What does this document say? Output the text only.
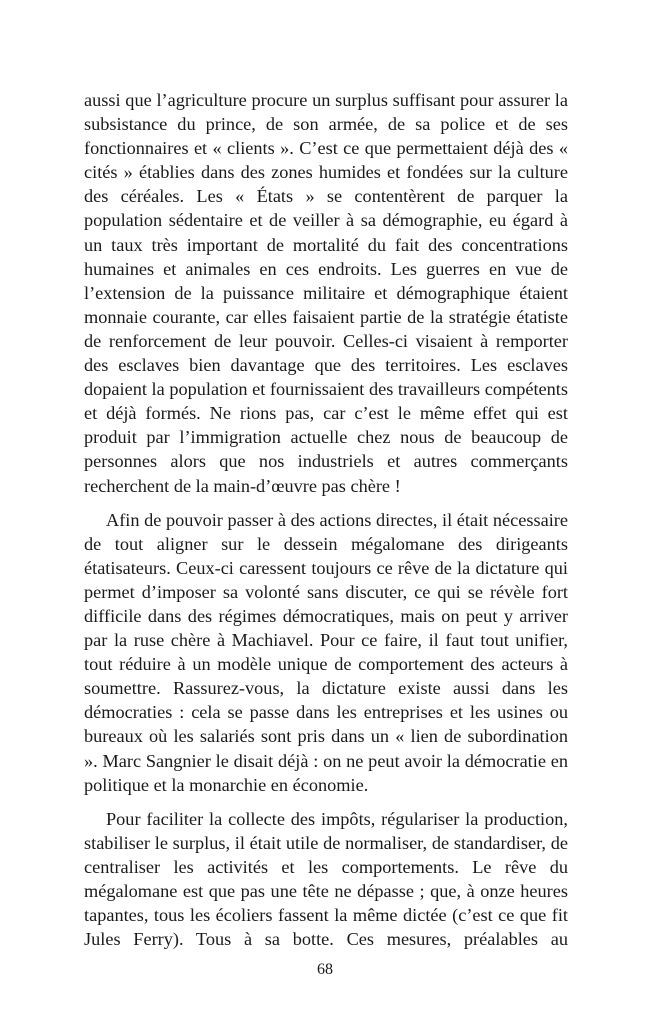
aussi que l’agriculture procure un surplus suffisant pour assurer la subsistance du prince, de son armée, de sa police et de ses fonctionnaires et « clients ». C’est ce que permettaient déjà des « cités » établies dans des zones humides et fondées sur la culture des céréales. Les « États » se contentèrent de parquer la population sédentaire et de veiller à sa démographie, eu égard à un taux très important de mortalité du fait des concentrations humaines et animales en ces endroits. Les guerres en vue de l’extension de la puissance militaire et démographique étaient monnaie courante, car elles faisaient partie de la stratégie étatiste de renforcement de leur pouvoir. Celles-ci visaient à remporter des esclaves bien davantage que des territoires. Les esclaves dopaient la population et fournissaient des travailleurs compétents et déjà formés. Ne rions pas, car c’est le même effet qui est produit par l’immigration actuelle chez nous de beaucoup de personnes alors que nos industriels et autres commerçants recherchent de la main-d’œuvre pas chère !

Afin de pouvoir passer à des actions directes, il était nécessaire de tout aligner sur le dessein mégalomane des dirigeants étatisateurs. Ceux-ci caressent toujours ce rêve de la dictature qui permet d’imposer sa volonté sans discuter, ce qui se révèle fort difficile dans des régimes démocratiques, mais on peut y arriver par la ruse chère à Machiavel. Pour ce faire, il faut tout unifier, tout réduire à un modèle unique de comportement des acteurs à soumettre. Rassurez-vous, la dictature existe aussi dans les démocraties : cela se passe dans les entreprises et les usines ou bureaux où les salariés sont pris dans un « lien de subordination ». Marc Sangnier le disait déjà : on ne peut avoir la démocratie en politique et la monarchie en économie.

Pour faciliter la collecte des impôts, régulariser la production, stabiliser le surplus, il était utile de normaliser, de standardiser, de centraliser les activités et les comportements. Le rêve du mégalomane est que pas une tête ne dépasse ; que, à onze heures tapantes, tous les écoliers fassent la même dictée (c’est ce que fit Jules Ferry). Tous à sa botte. Ces mesures, préalables au

68
